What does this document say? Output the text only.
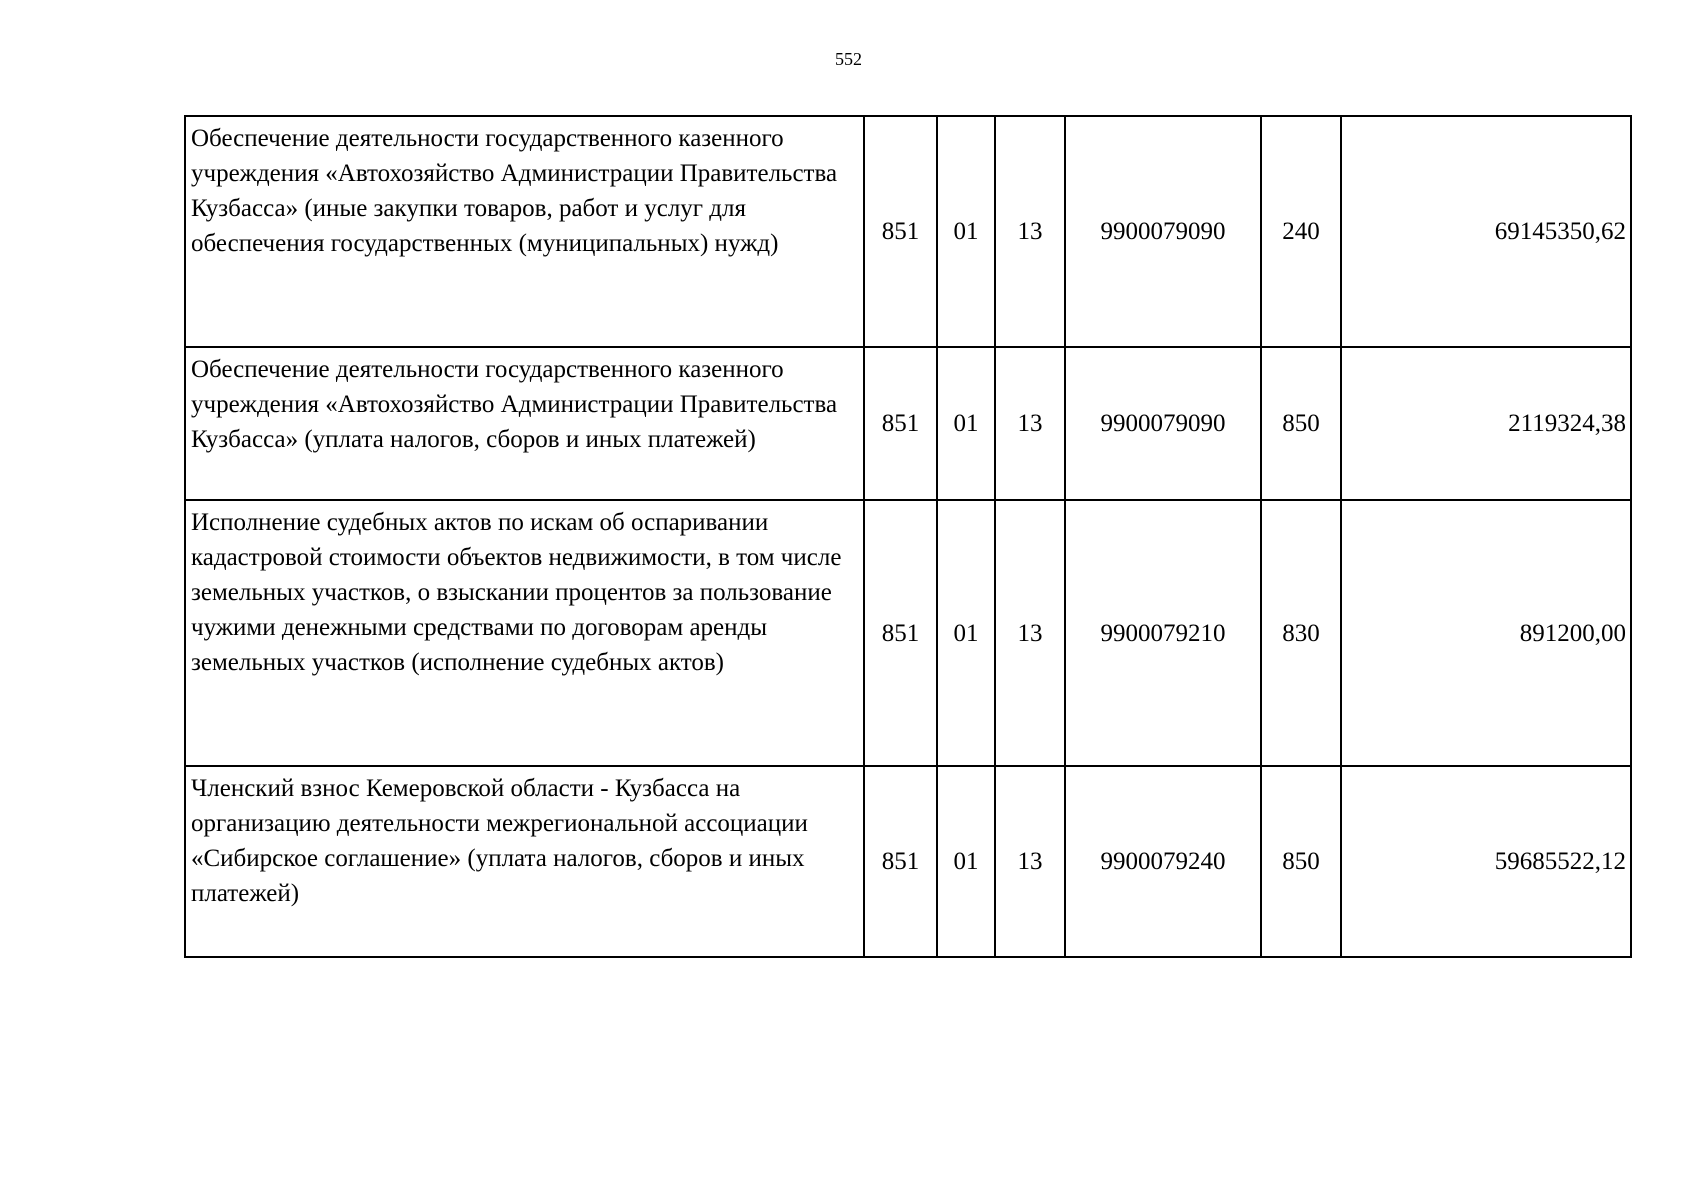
552
Обеспечение деятельности государственного казенного учреждения «Автохозяйство Администрации Правительства Кузбасса» (иные закупки товаров, работ и услуг для обеспечения государственных (муниципальных) нужд)	851	01	13	9900079090	240	69145350,62
Обеспечение деятельности государственного казенного учреждения «Автохозяйство Администрации Правительства Кузбасса» (уплата налогов, сборов и иных платежей)	851	01	13	9900079090	850	2119324,38
Исполнение судебных актов по искам об оспаривании кадастровой стоимости объектов недвижимости, в том числе земельных участков, о взыскании процентов за пользование чужими денежными средствами по договорам аренды земельных участков (исполнение судебных актов)	851	01	13	9900079210	830	891200,00
Членский взнос Кемеровской области - Кузбасса на организацию деятельности межрегиональной ассоциации «Сибирское соглашение» (уплата налогов, сборов и иных платежей)	851	01	13	9900079240	850	59685522,12
